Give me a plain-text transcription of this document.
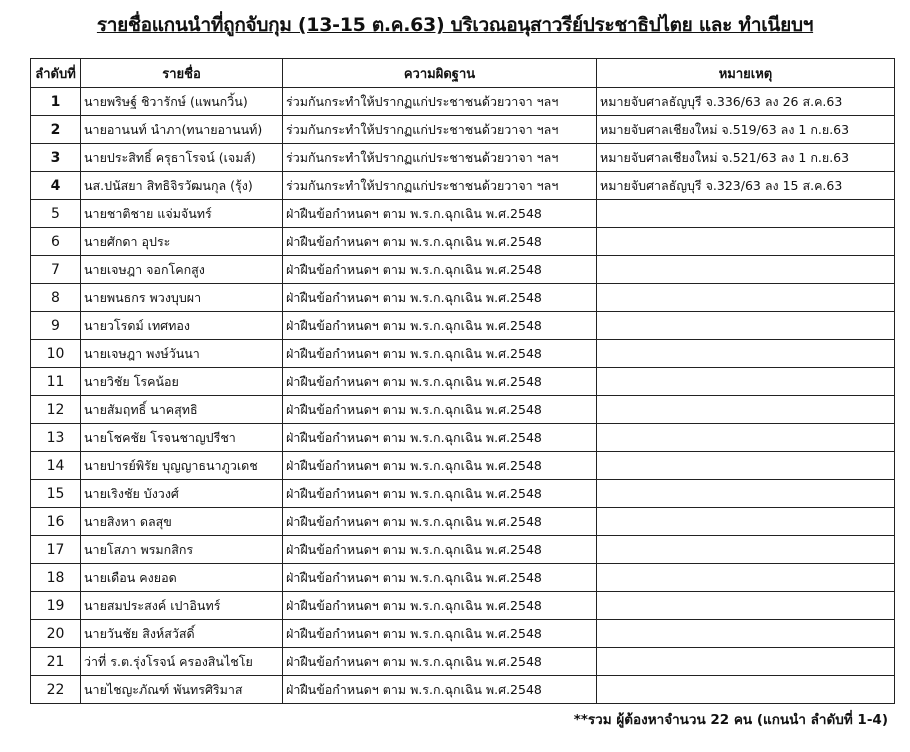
รายชื่อแกนนำที่ถูกจับกุม (13-15 ต.ค.63) บริเวณอนุสาวรีย์ประชาธิปไตย และ ทำเนียบฯ
ลำดับที่	รายชื่อ	ความผิดฐาน	หมายเหตุ
1	นายพริษฐ์ ชิวารักษ์ (แพนกวิ้น)	ร่วมกันกระทำให้ปรากฏแก่ประชาชนด้วยวาจา ฯลฯ	หมายจับศาลธัญบุรี จ.336/63 ลง 26 ส.ค.63
2	นายอานนท์ นำภา(ทนายอานนท์)	ร่วมกันกระทำให้ปรากฏแก่ประชาชนด้วยวาจา ฯลฯ	หมายจับศาลเชียงใหม่ จ.519/63 ลง 1 ก.ย.63
3	นายประสิทธิ์ ครุธาโรจน์ (เจมส์)	ร่วมกันกระทำให้ปรากฏแก่ประชาชนด้วยวาจา ฯลฯ	หมายจับศาลเชียงใหม่ จ.521/63 ลง 1 ก.ย.63
4	นส.ปนัสยา สิทธิจิรวัฒนกุล (รุ้ง)	ร่วมกันกระทำให้ปรากฏแก่ประชาชนด้วยวาจา ฯลฯ	หมายจับศาลธัญบุรี จ.323/63 ลง 15 ส.ค.63
5	นายชาติชาย แจ่มจันทร์	ฝ่าฝืนข้อกำหนดฯ ตาม พ.ร.ก.ฉุกเฉิน พ.ศ.2548	
6	นายศักดา อุประ	ฝ่าฝืนข้อกำหนดฯ ตาม พ.ร.ก.ฉุกเฉิน พ.ศ.2548	
7	นายเจษฎา จอกโคกสูง	ฝ่าฝืนข้อกำหนดฯ ตาม พ.ร.ก.ฉุกเฉิน พ.ศ.2548	
8	นายพนธกร พวงบุบผา	ฝ่าฝืนข้อกำหนดฯ ตาม พ.ร.ก.ฉุกเฉิน พ.ศ.2548	
9	นายวโรดม์ เทศทอง	ฝ่าฝืนข้อกำหนดฯ ตาม พ.ร.ก.ฉุกเฉิน พ.ศ.2548	
10	นายเจษฎา พงษ์วันนา	ฝ่าฝืนข้อกำหนดฯ ตาม พ.ร.ก.ฉุกเฉิน พ.ศ.2548	
11	นายวิชัย โรคน้อย	ฝ่าฝืนข้อกำหนดฯ ตาม พ.ร.ก.ฉุกเฉิน พ.ศ.2548	
12	นายสัมฤทธิ์ นาคสุทธิ	ฝ่าฝืนข้อกำหนดฯ ตาม พ.ร.ก.ฉุกเฉิน พ.ศ.2548	
13	นายโชคชัย โรจนชาญปรีชา	ฝ่าฝืนข้อกำหนดฯ ตาม พ.ร.ก.ฉุกเฉิน พ.ศ.2548	
14	นายปารย์พิรัย บุญญาธนาภูวเดช	ฝ่าฝืนข้อกำหนดฯ ตาม พ.ร.ก.ฉุกเฉิน พ.ศ.2548	
15	นายเริงชัย บังวงศ์	ฝ่าฝืนข้อกำหนดฯ ตาม พ.ร.ก.ฉุกเฉิน พ.ศ.2548	
16	นายสิงหา ดลสุข	ฝ่าฝืนข้อกำหนดฯ ตาม พ.ร.ก.ฉุกเฉิน พ.ศ.2548	
17	นายโสภา พรมกสิกร	ฝ่าฝืนข้อกำหนดฯ ตาม พ.ร.ก.ฉุกเฉิน พ.ศ.2548	
18	นายเดือน คงยอด	ฝ่าฝืนข้อกำหนดฯ ตาม พ.ร.ก.ฉุกเฉิน พ.ศ.2548	
19	นายสมประสงค์ เปาอินทร์	ฝ่าฝืนข้อกำหนดฯ ตาม พ.ร.ก.ฉุกเฉิน พ.ศ.2548	
20	นายวันชัย สิงห์สวัสดิ์	ฝ่าฝืนข้อกำหนดฯ ตาม พ.ร.ก.ฉุกเฉิน พ.ศ.2548	
21	ว่าที่ ร.ต.รุ่งโรจน์ ครองสินไชโย	ฝ่าฝืนข้อกำหนดฯ ตาม พ.ร.ก.ฉุกเฉิน พ.ศ.2548	
22	นายไชญะภัณฑ์ พันทรศิริมาส	ฝ่าฝืนข้อกำหนดฯ ตาม พ.ร.ก.ฉุกเฉิน พ.ศ.2548	
**รวม ผู้ต้องหาจำนวน 22 คน (แกนนำ ลำดับที่ 1-4)
